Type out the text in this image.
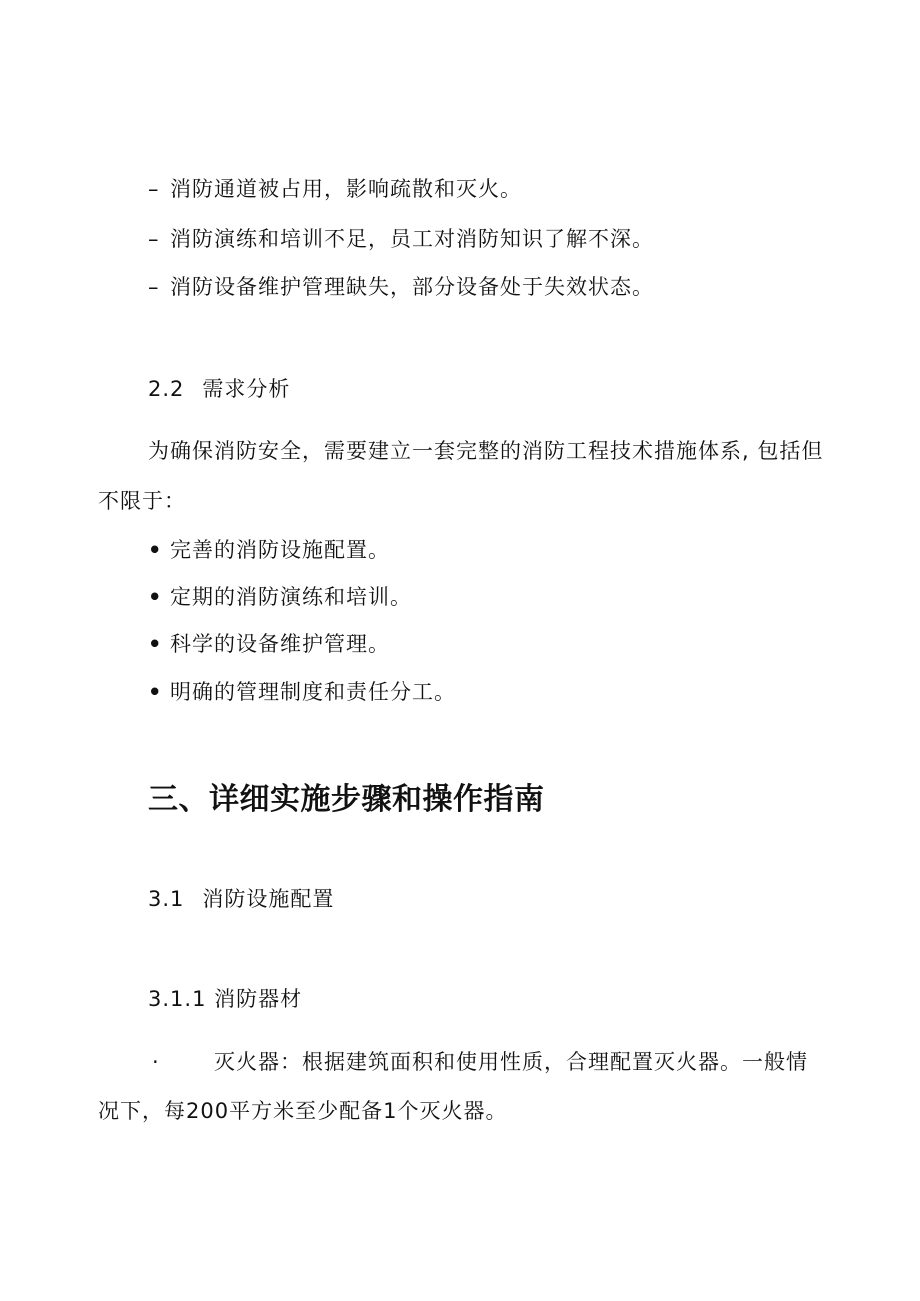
– 消防通道被占用，影响疏散和灭火。
– 消防演练和培训不足，员工对消防知识了解不深。
– 消防设备维护管理缺失，部分设备处于失效状态。
2.2 需求分析
为确保消防安全，需要建立一套完整的消防工程技术措施体系, 包括但
不限于：
• 完善的消防设施配置。
• 定期的消防演练和培训。
• 科学的设备维护管理。
• 明确的管理制度和责任分工。
三、详细实施步骤和操作指南
3.1 消防设施配置
3.1.1 消防器材
·	灭火器：根据建筑面积和使用性质，合理配置灭火器。一般情
况下，每200平方米至少配备1个灭火器。
